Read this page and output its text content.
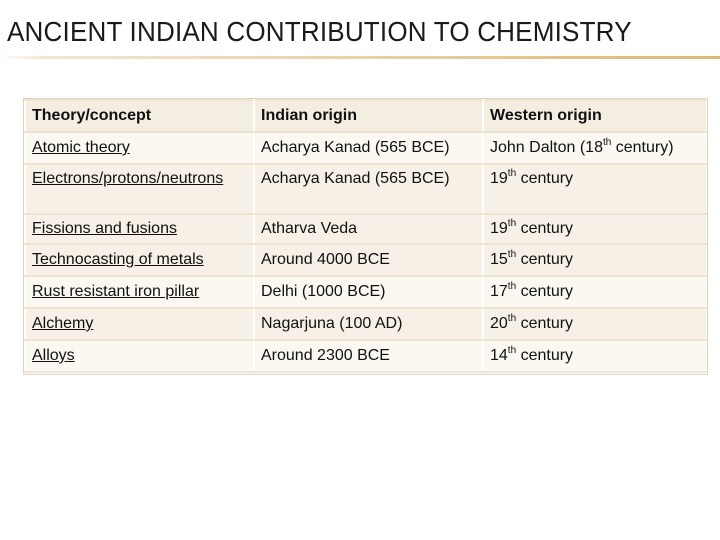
ANCIENT INDIAN CONTRIBUTION TO CHEMISTRY
Theory/concept	Indian origin	Western origin
Atomic theory	Acharya Kanad (565 BCE)	John Dalton (18th century)
Electrons/protons/neutrons	Acharya Kanad (565 BCE)	19th century
Fissions and fusions	Atharva Veda	19th century
Technocasting of metals	Around 4000 BCE	15th century
Rust resistant iron pillar	Delhi (1000 BCE)	17th century
Alchemy	Nagarjuna (100 AD)	20th century
Alloys	Around 2300 BCE	14th century
